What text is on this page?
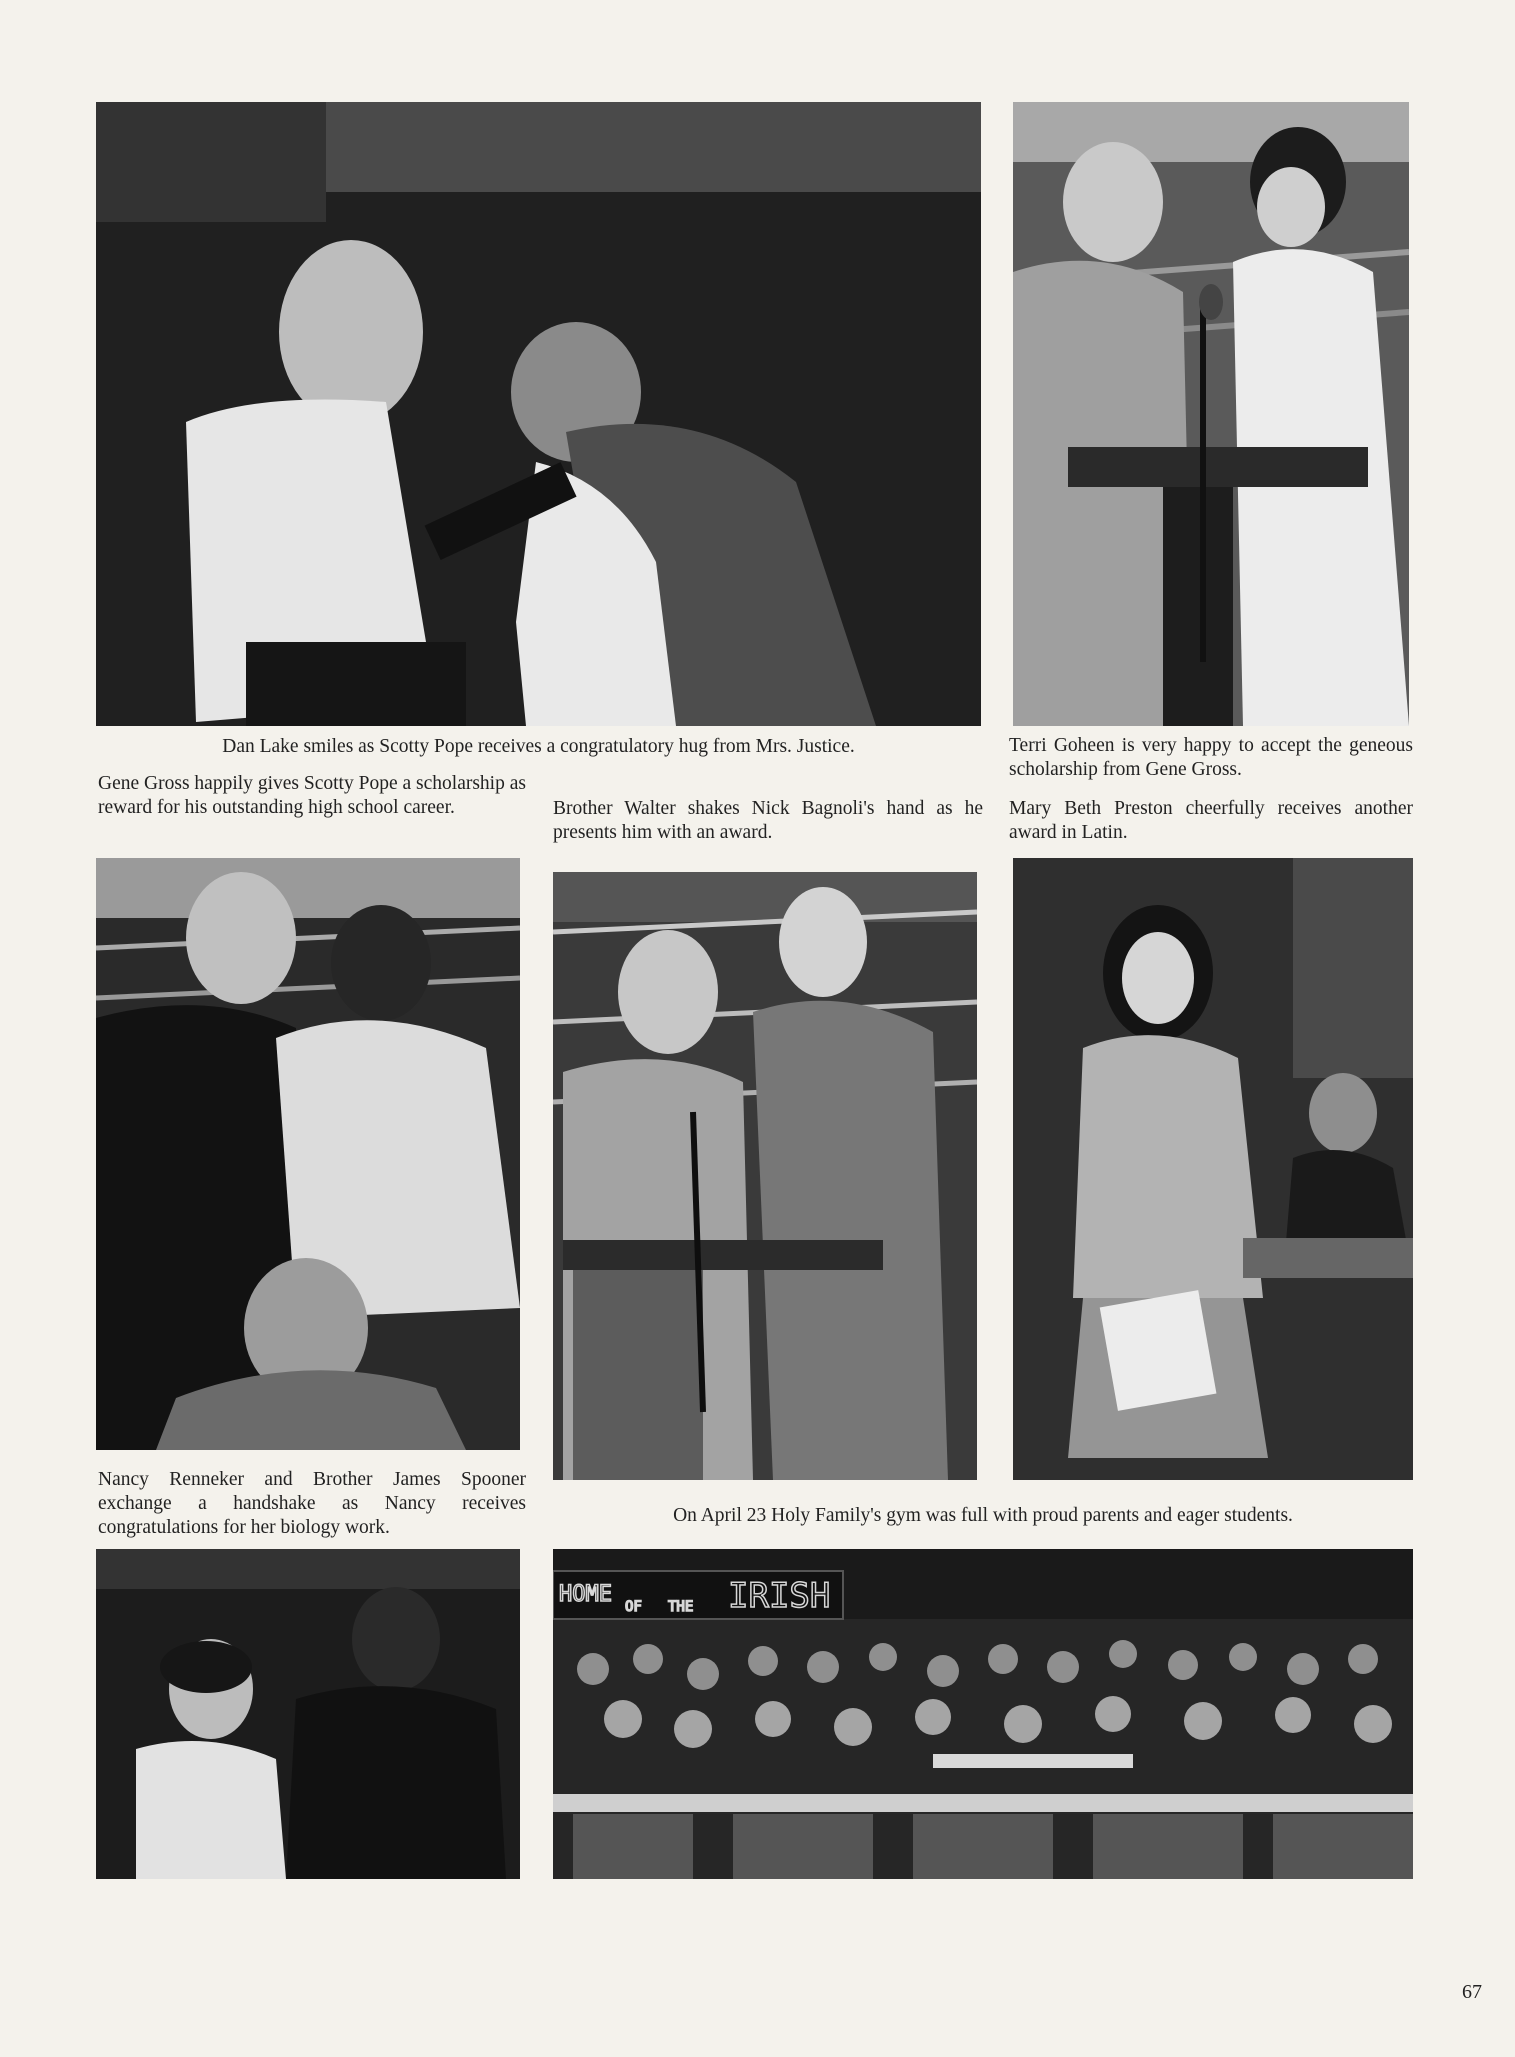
Dan Lake smiles as Scotty Pope receives a congratulatory hug from Mrs. Justice.	Terri Goheen is very happy to accept the geneous scholarship from Gene Gross.

Gene Gross happily gives Scotty Pope a scholarship as reward for his outstanding high school career.	Brother Walter shakes Nick Bagnoli's hand as he presents him with an award.

Mary Beth Preston cheerfully receives another award in Latin.

Nancy Renneker and Brother James Spooner exchange a handshake as Nancy receives congratulations for her biology work.

On April 23 Holy Family's gym was full with proud parents and eager students.

HOME OF THE IRISH
67
